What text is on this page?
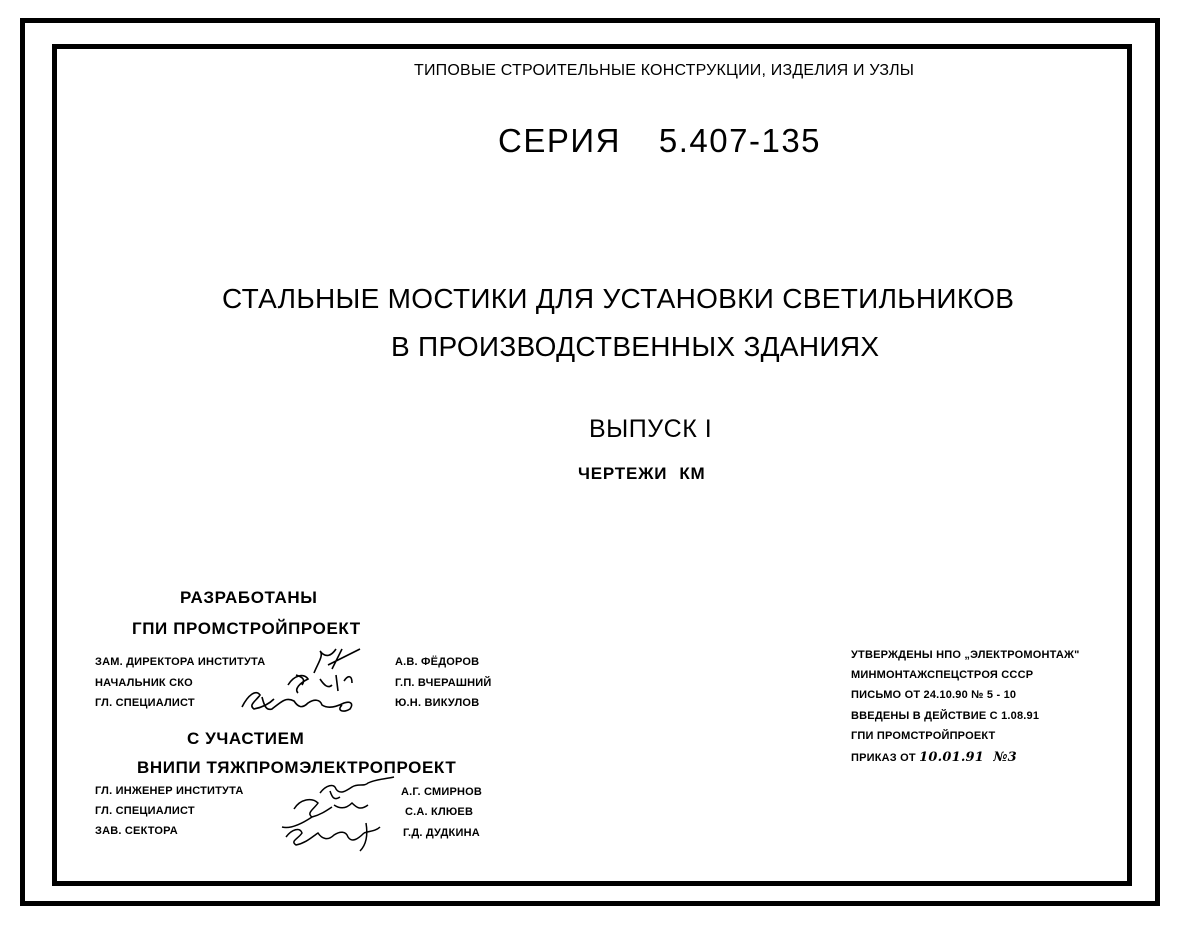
ТИПОВЫЕ СТРОИТЕЛЬНЫЕ КОНСТРУКЦИИ, ИЗДЕЛИЯ И УЗЛЫ
СЕРИЯ 5.407-135
СТАЛЬНЫЕ МОСТИКИ ДЛЯ УСТАНОВКИ СВЕТИЛЬНИКОВ
В ПРОИЗВОДСТВЕННЫХ ЗДАНИЯХ
ВЫПУСК I
ЧЕРТЕЖИ КМ
РАЗРАБОТАНЫ
ГПИ ПРОМСТРОЙПРОЕКТ
ЗАМ. ДИРЕКТОРА ИНСТИТУТА
НАЧАЛЬНИК СКО
ГЛ. СПЕЦИАЛИСТ
А.В. ФЁДОРОВ
Г.П. ВЧЕРАШНИЙ
Ю.Н. ВИКУЛОВ
С УЧАСТИЕМ
ВНИПИ ТЯЖПРОМЭЛЕКТРОПРОЕКТ
ГЛ. ИНЖЕНЕР ИНСТИТУТА
ГЛ. СПЕЦИАЛИСТ
ЗАВ. СЕКТОРА
А.Г. СМИРНОВ
С.А. КЛЮЕВ
Г.Д. ДУДКИНА
УТВЕРЖДЕНЫ НПО „ЭЛЕКТРОМОНТАЖ"
МИНМОНТАЖСПЕЦСТРОЯ СССР
ПИСЬМО ОТ 24.10.90 № 5 - 10
ВВЕДЕНЫ В ДЕЙСТВИЕ С 1.08.91
ГПИ ПРОМСТРОЙПРОЕКТ
ПРИКАЗ ОТ 10.01.91 №3
